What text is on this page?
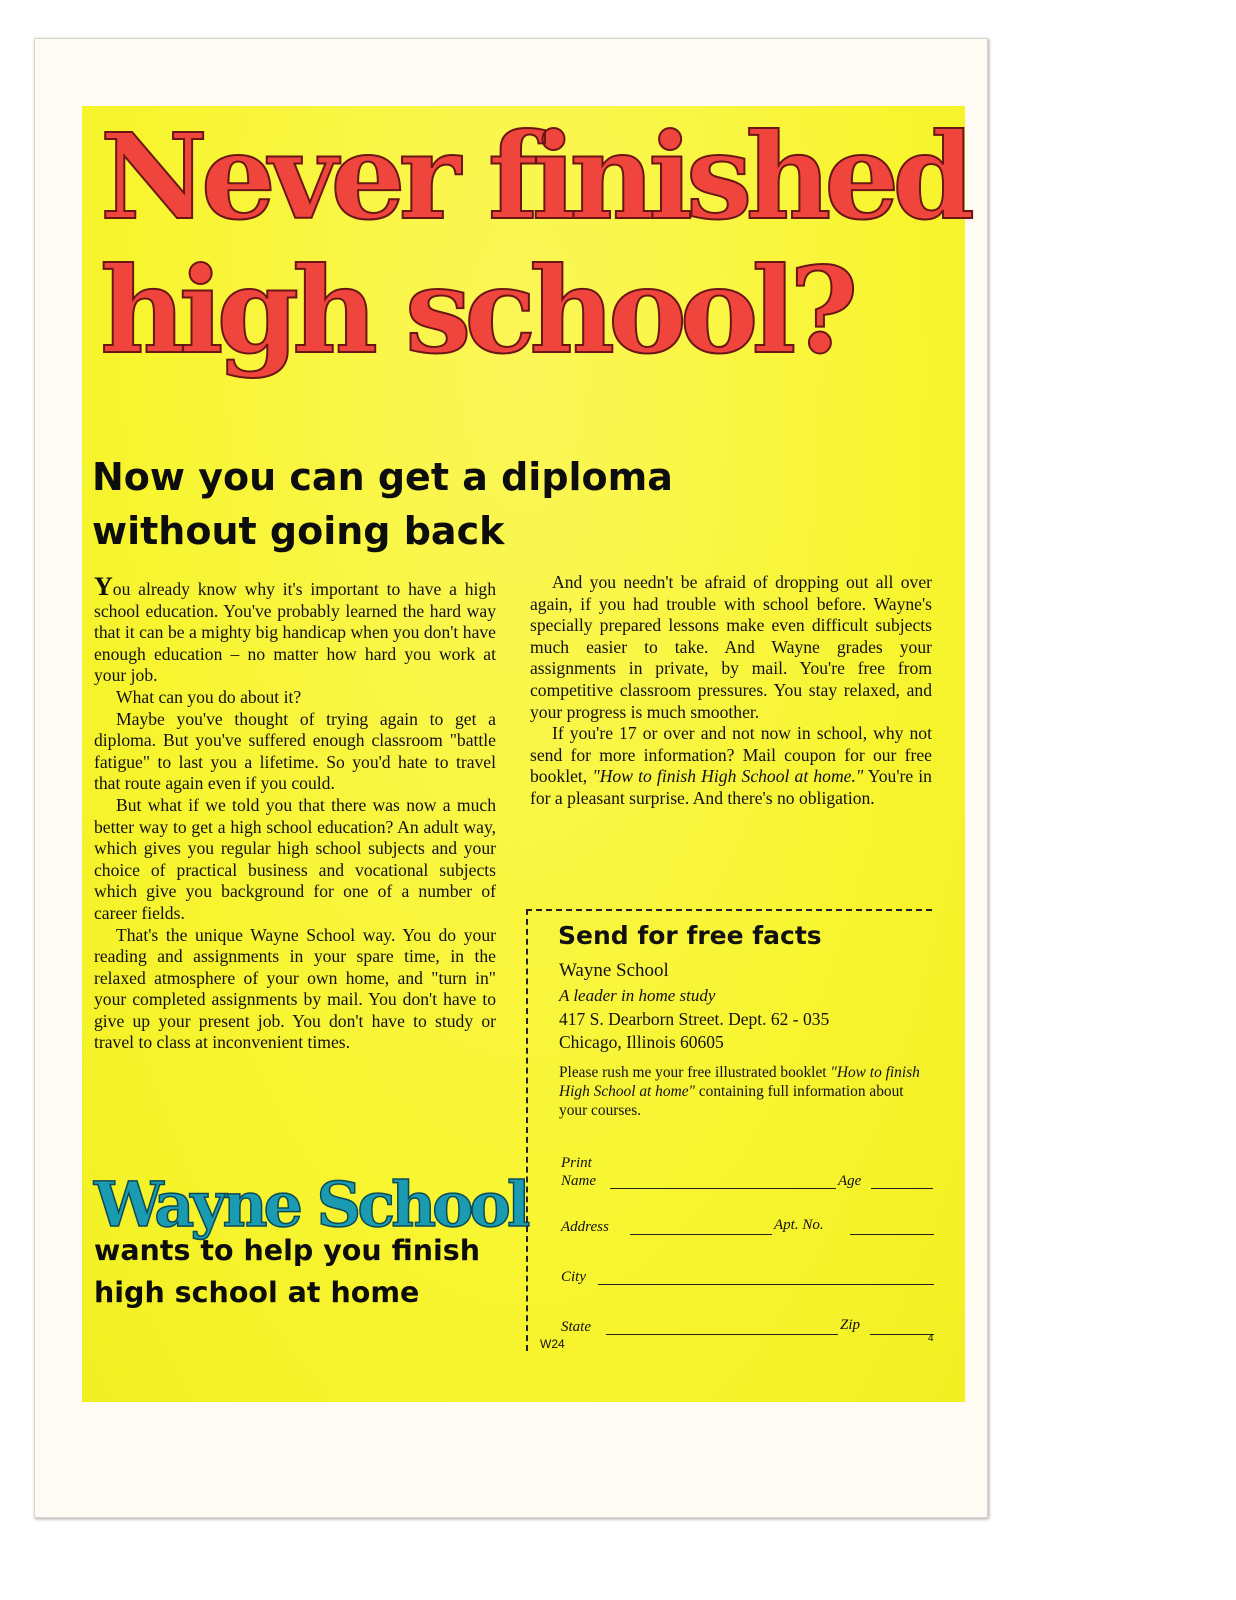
Never finished
high school?
Now you can get a diploma
without going back

You already know why it's important to have a high school education. You've probably learned the hard way that it can be a mighty big handicap when you don't have enough education – no matter how hard you work at your job.

What can you do about it?

Maybe you've thought of trying again to get a diploma. But you've suffered enough classroom "battle fatigue" to last you a lifetime. So you'd hate to travel that route again even if you could.

But what if we told you that there was now a much better way to get a high school education? An adult way, which gives you regular high school subjects and your choice of practical business and vocational subjects which give you background for one of a number of career fields.

That's the unique Wayne School way. You do your reading and assignments in your spare time, in the relaxed atmosphere of your own home, and "turn in" your completed assignments by mail. You don't have to give up your present job. You don't have to study or travel to class at inconvenient times.

And you needn't be afraid of dropping out all over again, if you had trouble with school before. Wayne's specially prepared lessons make even difficult subjects much easier to take. And Wayne grades your assignments in private, by mail. You're free from competitive classroom pressures. You stay relaxed, and your progress is much smoother.

If you're 17 or over and not now in school, why not send for more information? Mail coupon for our free booklet, "How to finish High School at home." You're in for a pleasant surprise. And there's no obligation.

Wayne School
wants to help you finish
high school at home
Send for free facts
Wayne School
A leader in home study
417 S. Dearborn Street. Dept. 62 - 035
Chicago, Illinois 60605
Please rush me your free illustrated booklet "How to finish High School at home" containing full information about your courses.
Print
Name	Age
Address	Apt. No.
City
State	Zip
W24	4
